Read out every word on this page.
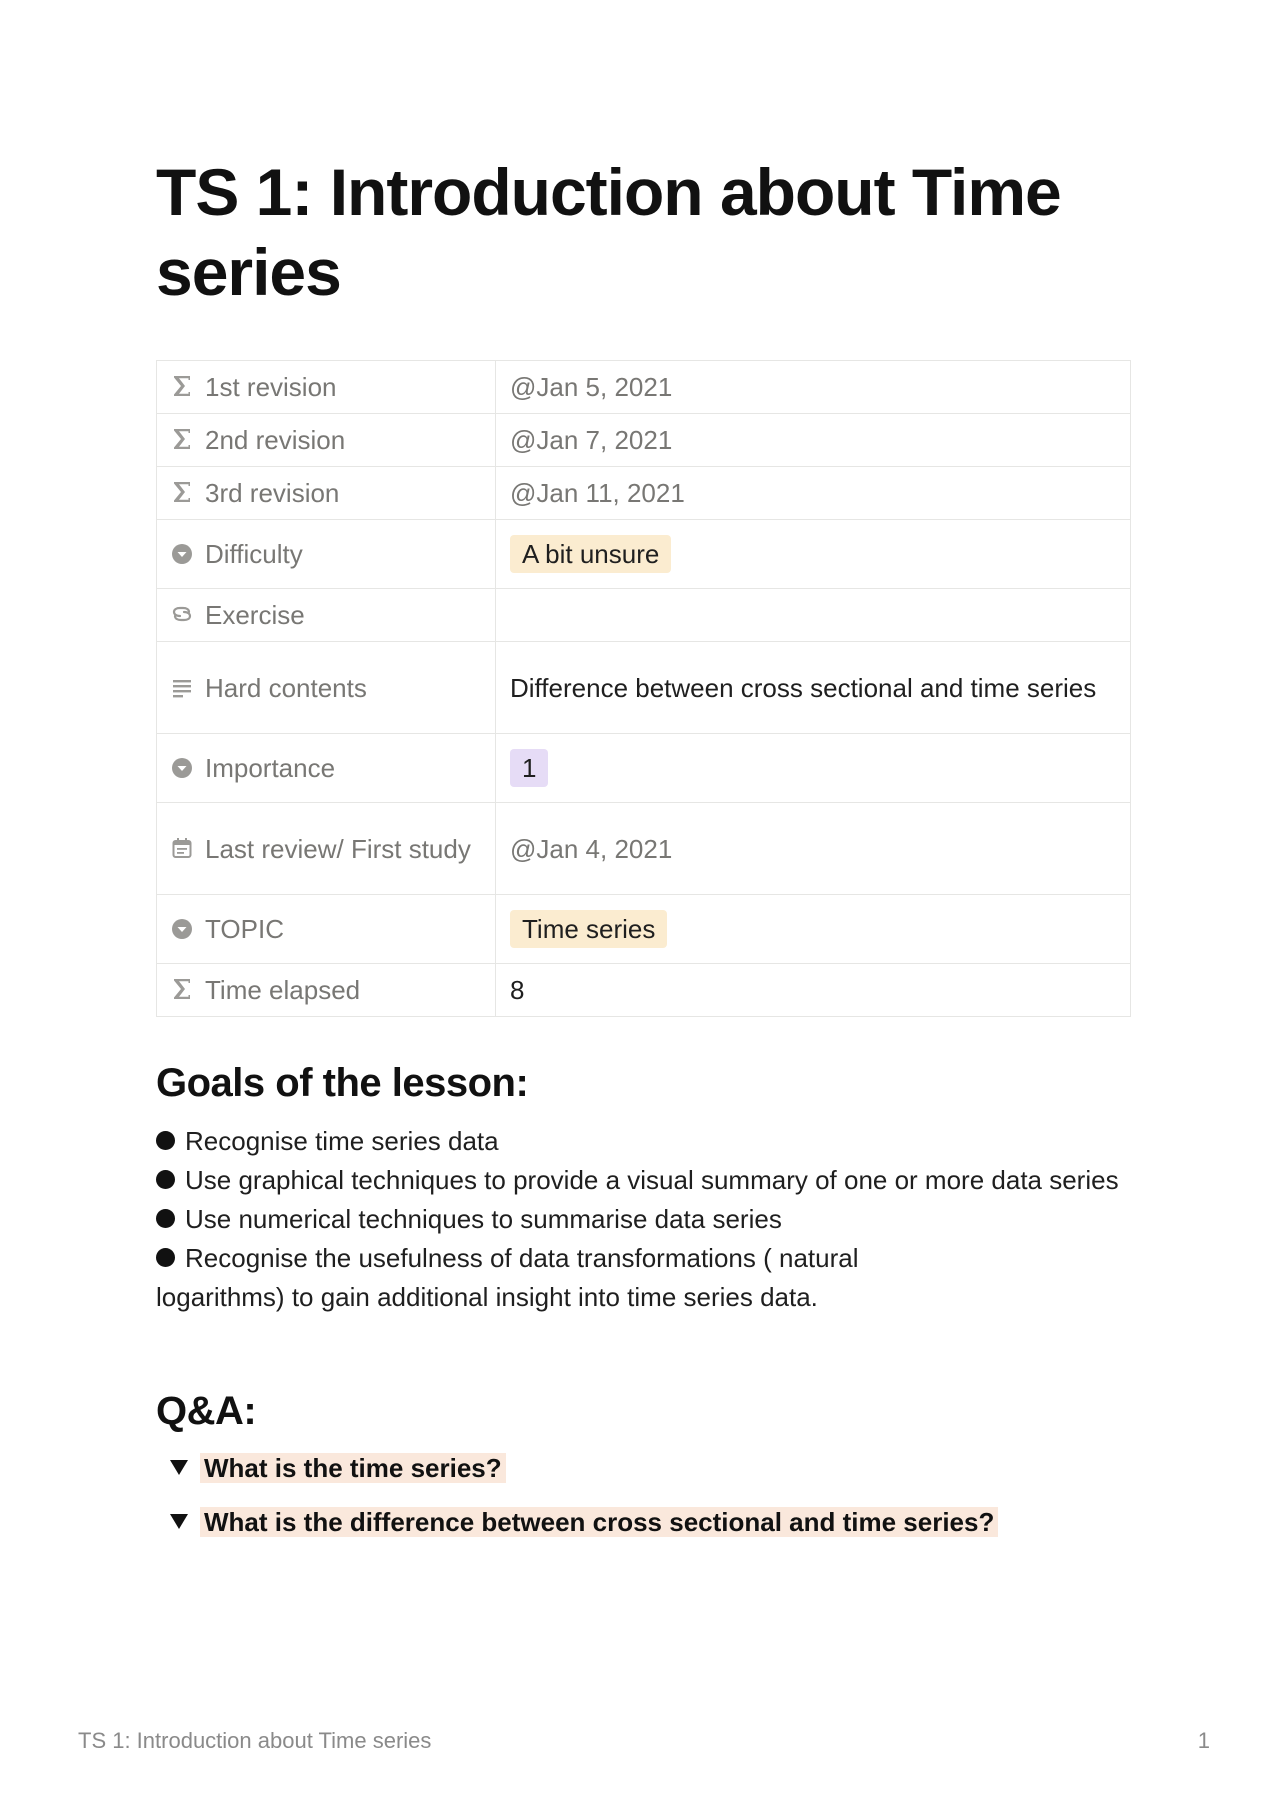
TS 1: Introduction about Time series
1st revision	@Jan 5, 2021

2nd revision	@Jan 7, 2021

3rd revision	@Jan 11, 2021

Difficulty	A bit unsure

Exercise	

Hard contents	Difference between cross sectional and time series

Importance	1

Last review/ First study	@Jan 4, 2021

TOPIC	Time series

Time elapsed	8
Goals of the lesson:
Recognise time series data
Use graphical techniques to provide a visual summary of one or more data series
Use numerical techniques to summarise data series
Recognise the usefulness of data transformations ( natural logarithms) to gain additional insight into time series data.
Q&A:
What is the time series?
What is the difference between cross sectional and time series?
TS 1: Introduction about Time series	1
